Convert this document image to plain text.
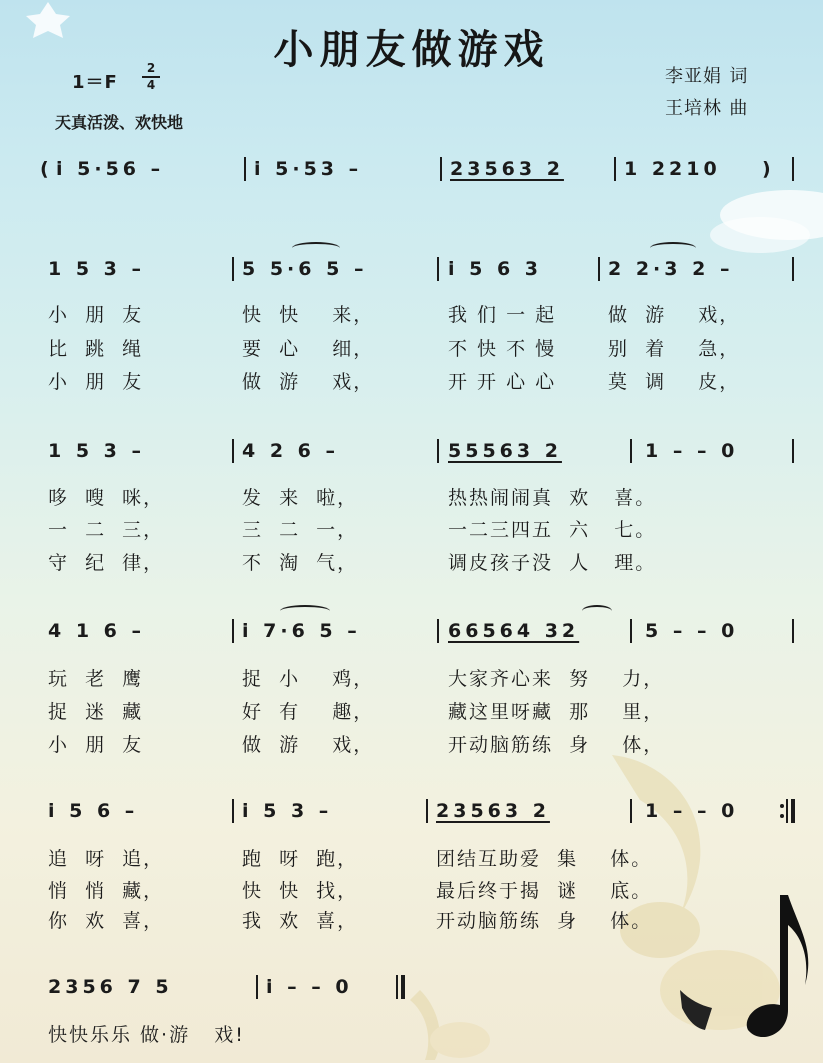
小朋友做游戏
1＝F
2
4
天真活泼、欢快地
李亚娟 词
王培林 曲
( i 5·56 –	i 5·53 –	23563 2	1 2210 )
1 5 3 –	5 5·6 5 –	i 5 6 3	2 2·3 2 –
小  朋  友	快  快    来，	我 们 一 起	做  游    戏，
比  跳  绳	要  心    细，	不 快 不 慢	别  着    急，
小  朋  友	做  游    戏，	开 开 心 心	莫  调    皮，
1 5 3 –	4 2 6 –	55563 2	1 – – 0
哆  嗖  咪，	发  来  啦，	热热闹闹真  欢   喜。
一  二  三，	三  二  一，	一二三四五  六   七。
守  纪  律，	不  淘  气，	调皮孩子没  人   理。
4 1 6 –	i 7·6 5 –	66564 32	5 – – 0
玩  老  鹰	捉  小    鸡，	大家齐心来  努    力，
捉  迷  藏	好  有    趣，	藏这里呀藏  那    里，
小  朋  友	做  游    戏，	开动脑筋练  身    体，
i 5 6 –	i 5 3 –	23563 2	1 – – 0
追  呀  追，	跑  呀  跑，	团结互助爱  集    体。
悄  悄  藏，	快  快  找，	最后终于揭  谜    底。
你  欢  喜，	我  欢  喜，	开动脑筋练  身    体。
2356 7 5	i – – 0
快快乐乐 做·游   戏!
